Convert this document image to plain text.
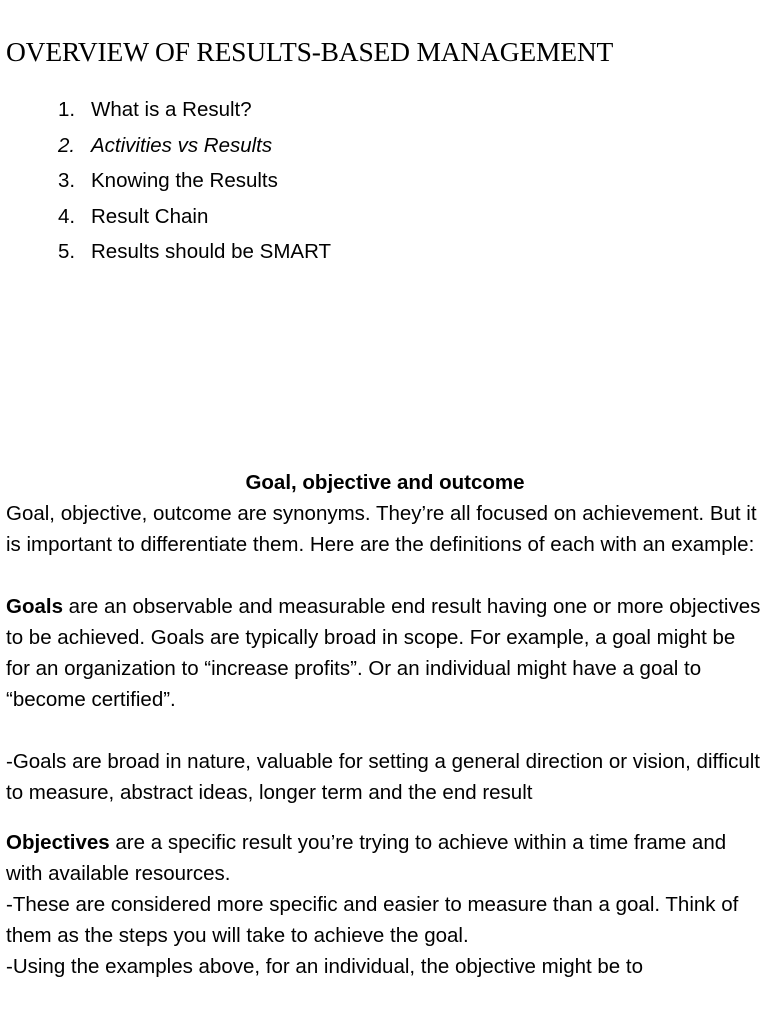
OVERVIEW OF RESULTS-BASED MANAGEMENT
1. What is a Result?
2. Activities vs Results
3. Knowing the Results
4. Result Chain
5. Results should be SMART

Goal, objective and outcome

Goal, objective, outcome are synonyms. They’re all focused on achievement. But it is important to differentiate them. Here are the definitions of each with an example:

Goals are an observable and measurable end result having one or more objectives to be achieved. Goals are typically broad in scope. For example, a goal might be for an organization to “increase profits”. Or an individual might have a goal to “become certified”.

-Goals are broad in nature, valuable for setting a general direction or vision, difficult to measure, abstract ideas, longer term and the end result

Objectives are a specific result you’re trying to achieve within a time frame and with available resources.

-These are considered more specific and easier to measure than a goal. Think of them as the steps you will take to achieve the goal.

-Using the examples above, for an individual, the objective might be to
